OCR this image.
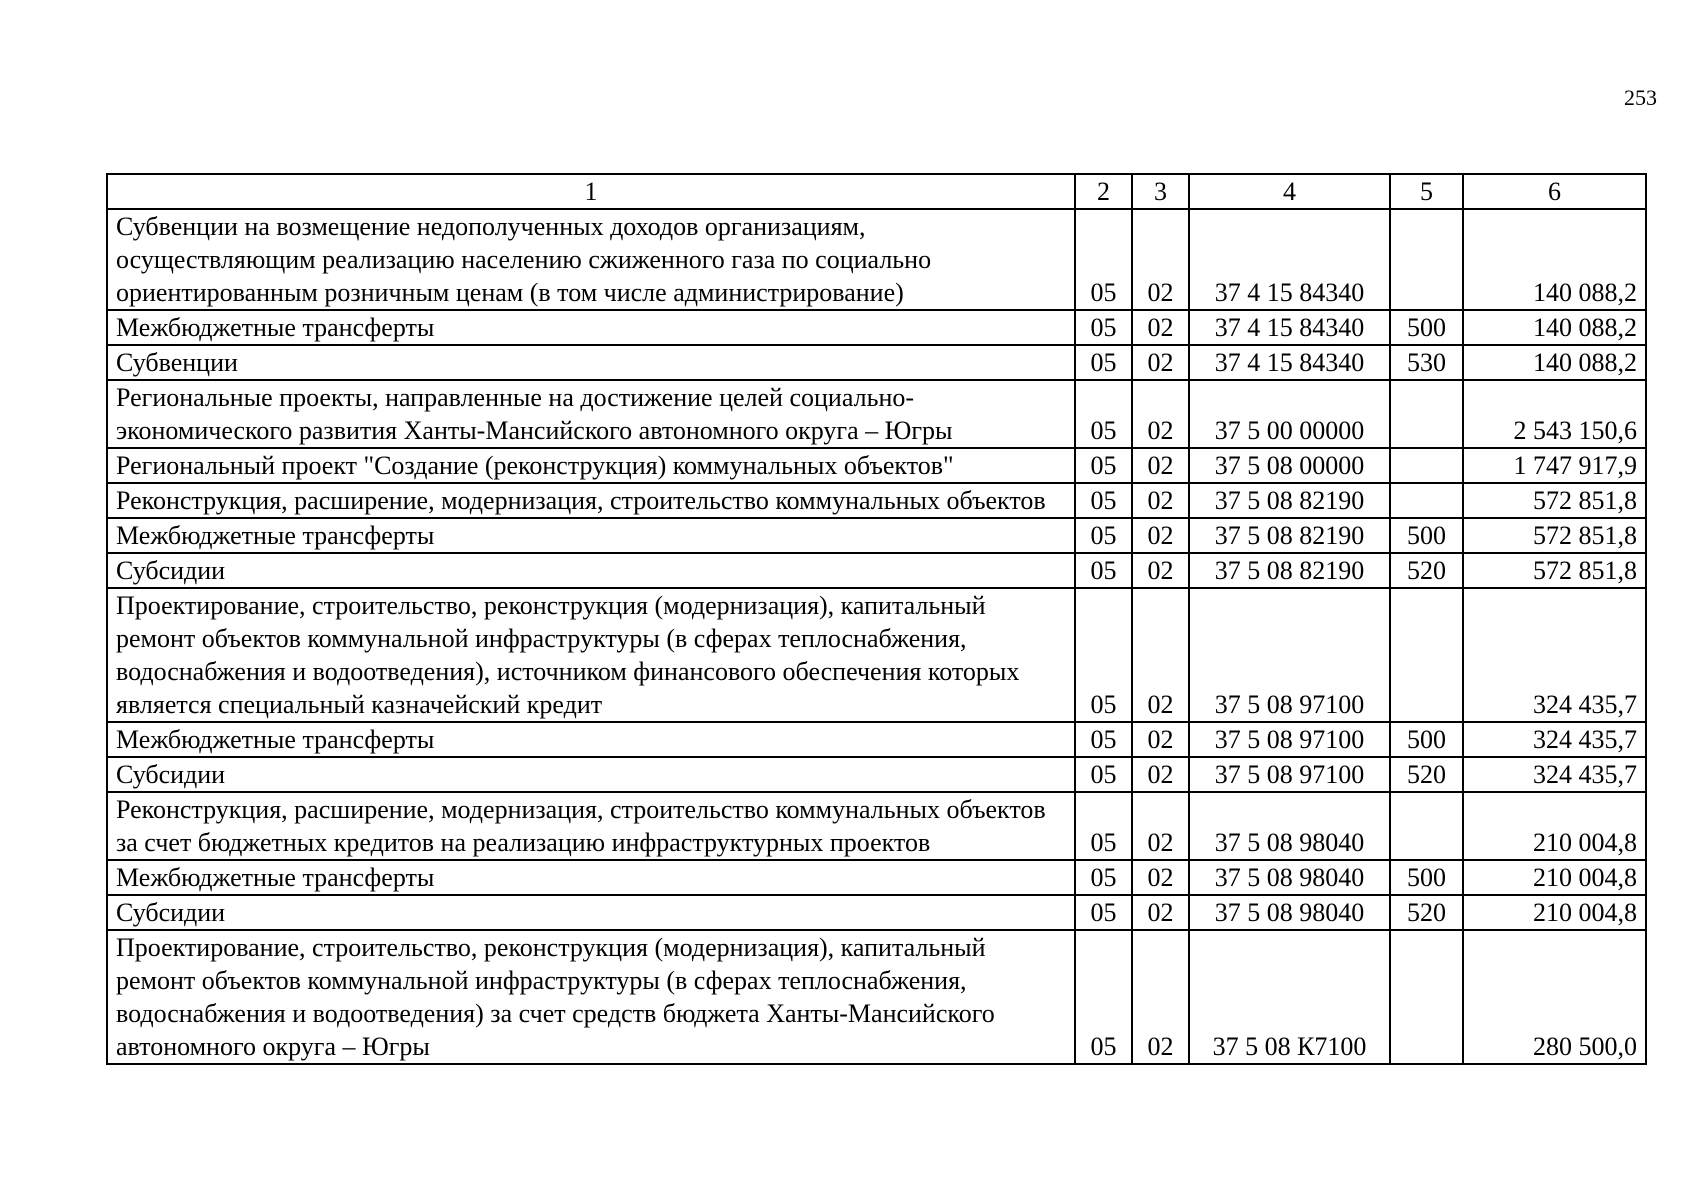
253
1	2	3	4	5	6
Субвенции на возмещение недополученных доходов организациям, осуществляющим реализацию населению сжиженного газа по социально ориентированным розничным ценам (в том числе администрирование)	05	02	37 4 15 84340		140 088,2
Межбюджетные трансферты	05	02	37 4 15 84340	500	140 088,2
Субвенции	05	02	37 4 15 84340	530	140 088,2
Региональные проекты, направленные на достижение целей социально-экономического развития Ханты-Мансийского автономного округа – Югры	05	02	37 5 00 00000		2 543 150,6
Региональный проект "Создание (реконструкция) коммунальных объектов"	05	02	37 5 08 00000		1 747 917,9
Реконструкция, расширение, модернизация, строительство коммунальных объектов	05	02	37 5 08 82190		572 851,8
Межбюджетные трансферты	05	02	37 5 08 82190	500	572 851,8
Субсидии	05	02	37 5 08 82190	520	572 851,8
Проектирование, строительство, реконструкция (модернизация), капитальный ремонт объектов коммунальной инфраструктуры (в сферах теплоснабжения, водоснабжения и водоотведения), источником финансового обеспечения которых является специальный казначейский кредит	05	02	37 5 08 97100		324 435,7
Межбюджетные трансферты	05	02	37 5 08 97100	500	324 435,7
Субсидии	05	02	37 5 08 97100	520	324 435,7
Реконструкция, расширение, модернизация, строительство коммунальных объектов за счет бюджетных кредитов на реализацию инфраструктурных проектов	05	02	37 5 08 98040		210 004,8
Межбюджетные трансферты	05	02	37 5 08 98040	500	210 004,8
Субсидии	05	02	37 5 08 98040	520	210 004,8
Проектирование, строительство, реконструкция (модернизация), капитальный ремонт объектов коммунальной инфраструктуры (в сферах теплоснабжения, водоснабжения и водоотведения) за счет средств бюджета Ханты-Мансийского автономного округа – Югры	05	02	37 5 08 К7100		280 500,0
